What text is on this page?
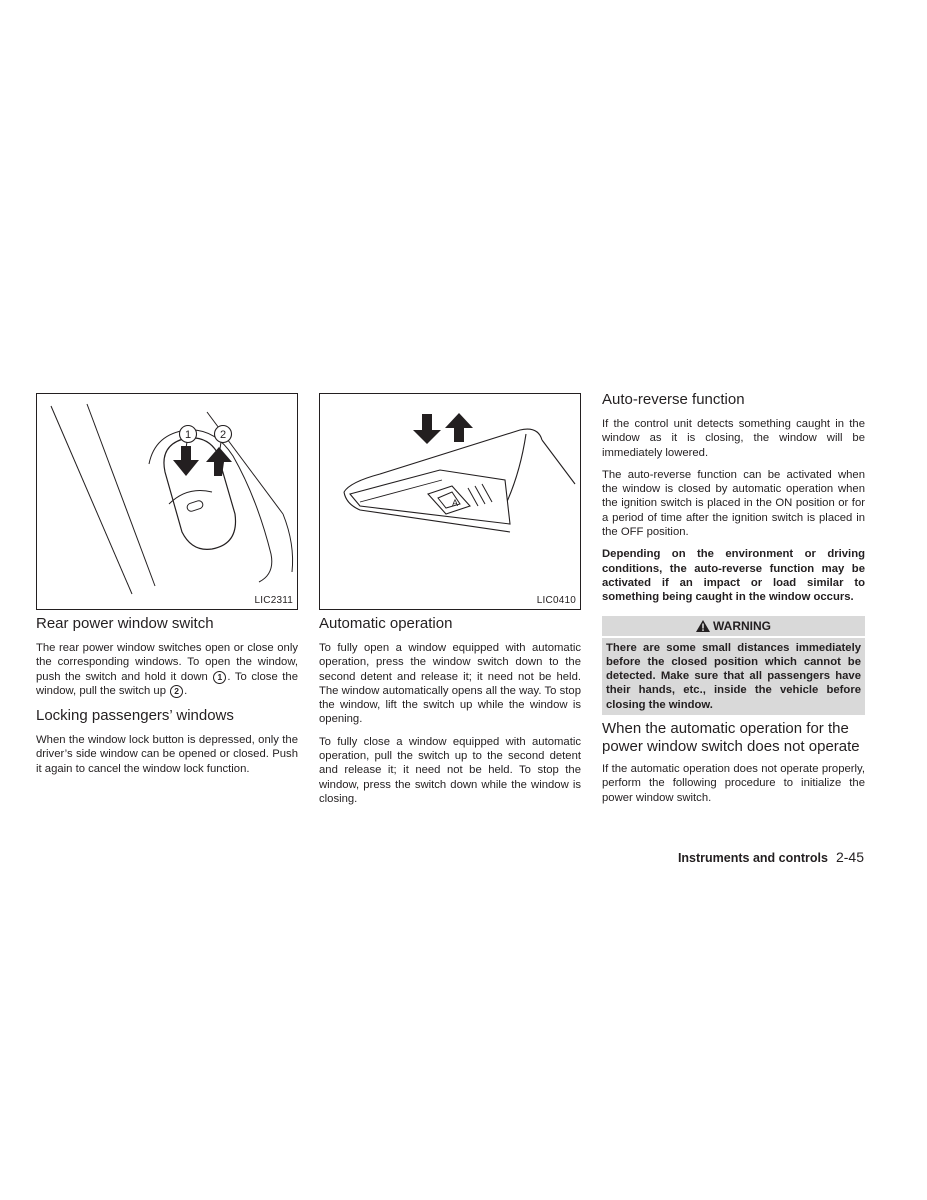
1	2
LIC2311
Rear power window switch

The rear power window switches open or close only the corresponding windows. To open the window, push the switch and hold it down 1 . To close the window, pull the switch up 2 .

Locking passengers’ windows

When the window lock button is depressed, only the driver’s side window can be opened or closed. Push it again to cancel the window lock function.

A
LIC0410
Automatic operation

To fully open a window equipped with automatic operation, press the window switch down to the second detent and release it; it need not be held. The window automatically opens all the way. To stop the window, lift the switch up while the window is opening.

To fully close a window equipped with automatic operation, pull the switch up to the second detent and release it; it need not be held. To stop the window, press the switch down while the window is closing.

Auto-reverse function

If the control unit detects something caught in the window as it is closing, the window will be immediately lowered.

The auto-reverse function can be activated when the window is closed by automatic operation when the ignition switch is placed in the ON position or for a period of time after the ignition switch is placed in the OFF position.

Depending on the environment or driving conditions, the auto-reverse function may be activated if an impact or load similar to something being caught in the window occurs.

WARNING
There are some small distances immediately before the closed position which cannot be detected. Make sure that all passengers have their hands, etc., inside the vehicle before closing the window.
When the automatic operation for the power window switch does not operate

If the automatic operation does not operate properly, perform the following procedure to initialize the power window switch.

Instruments and controls 2-45
